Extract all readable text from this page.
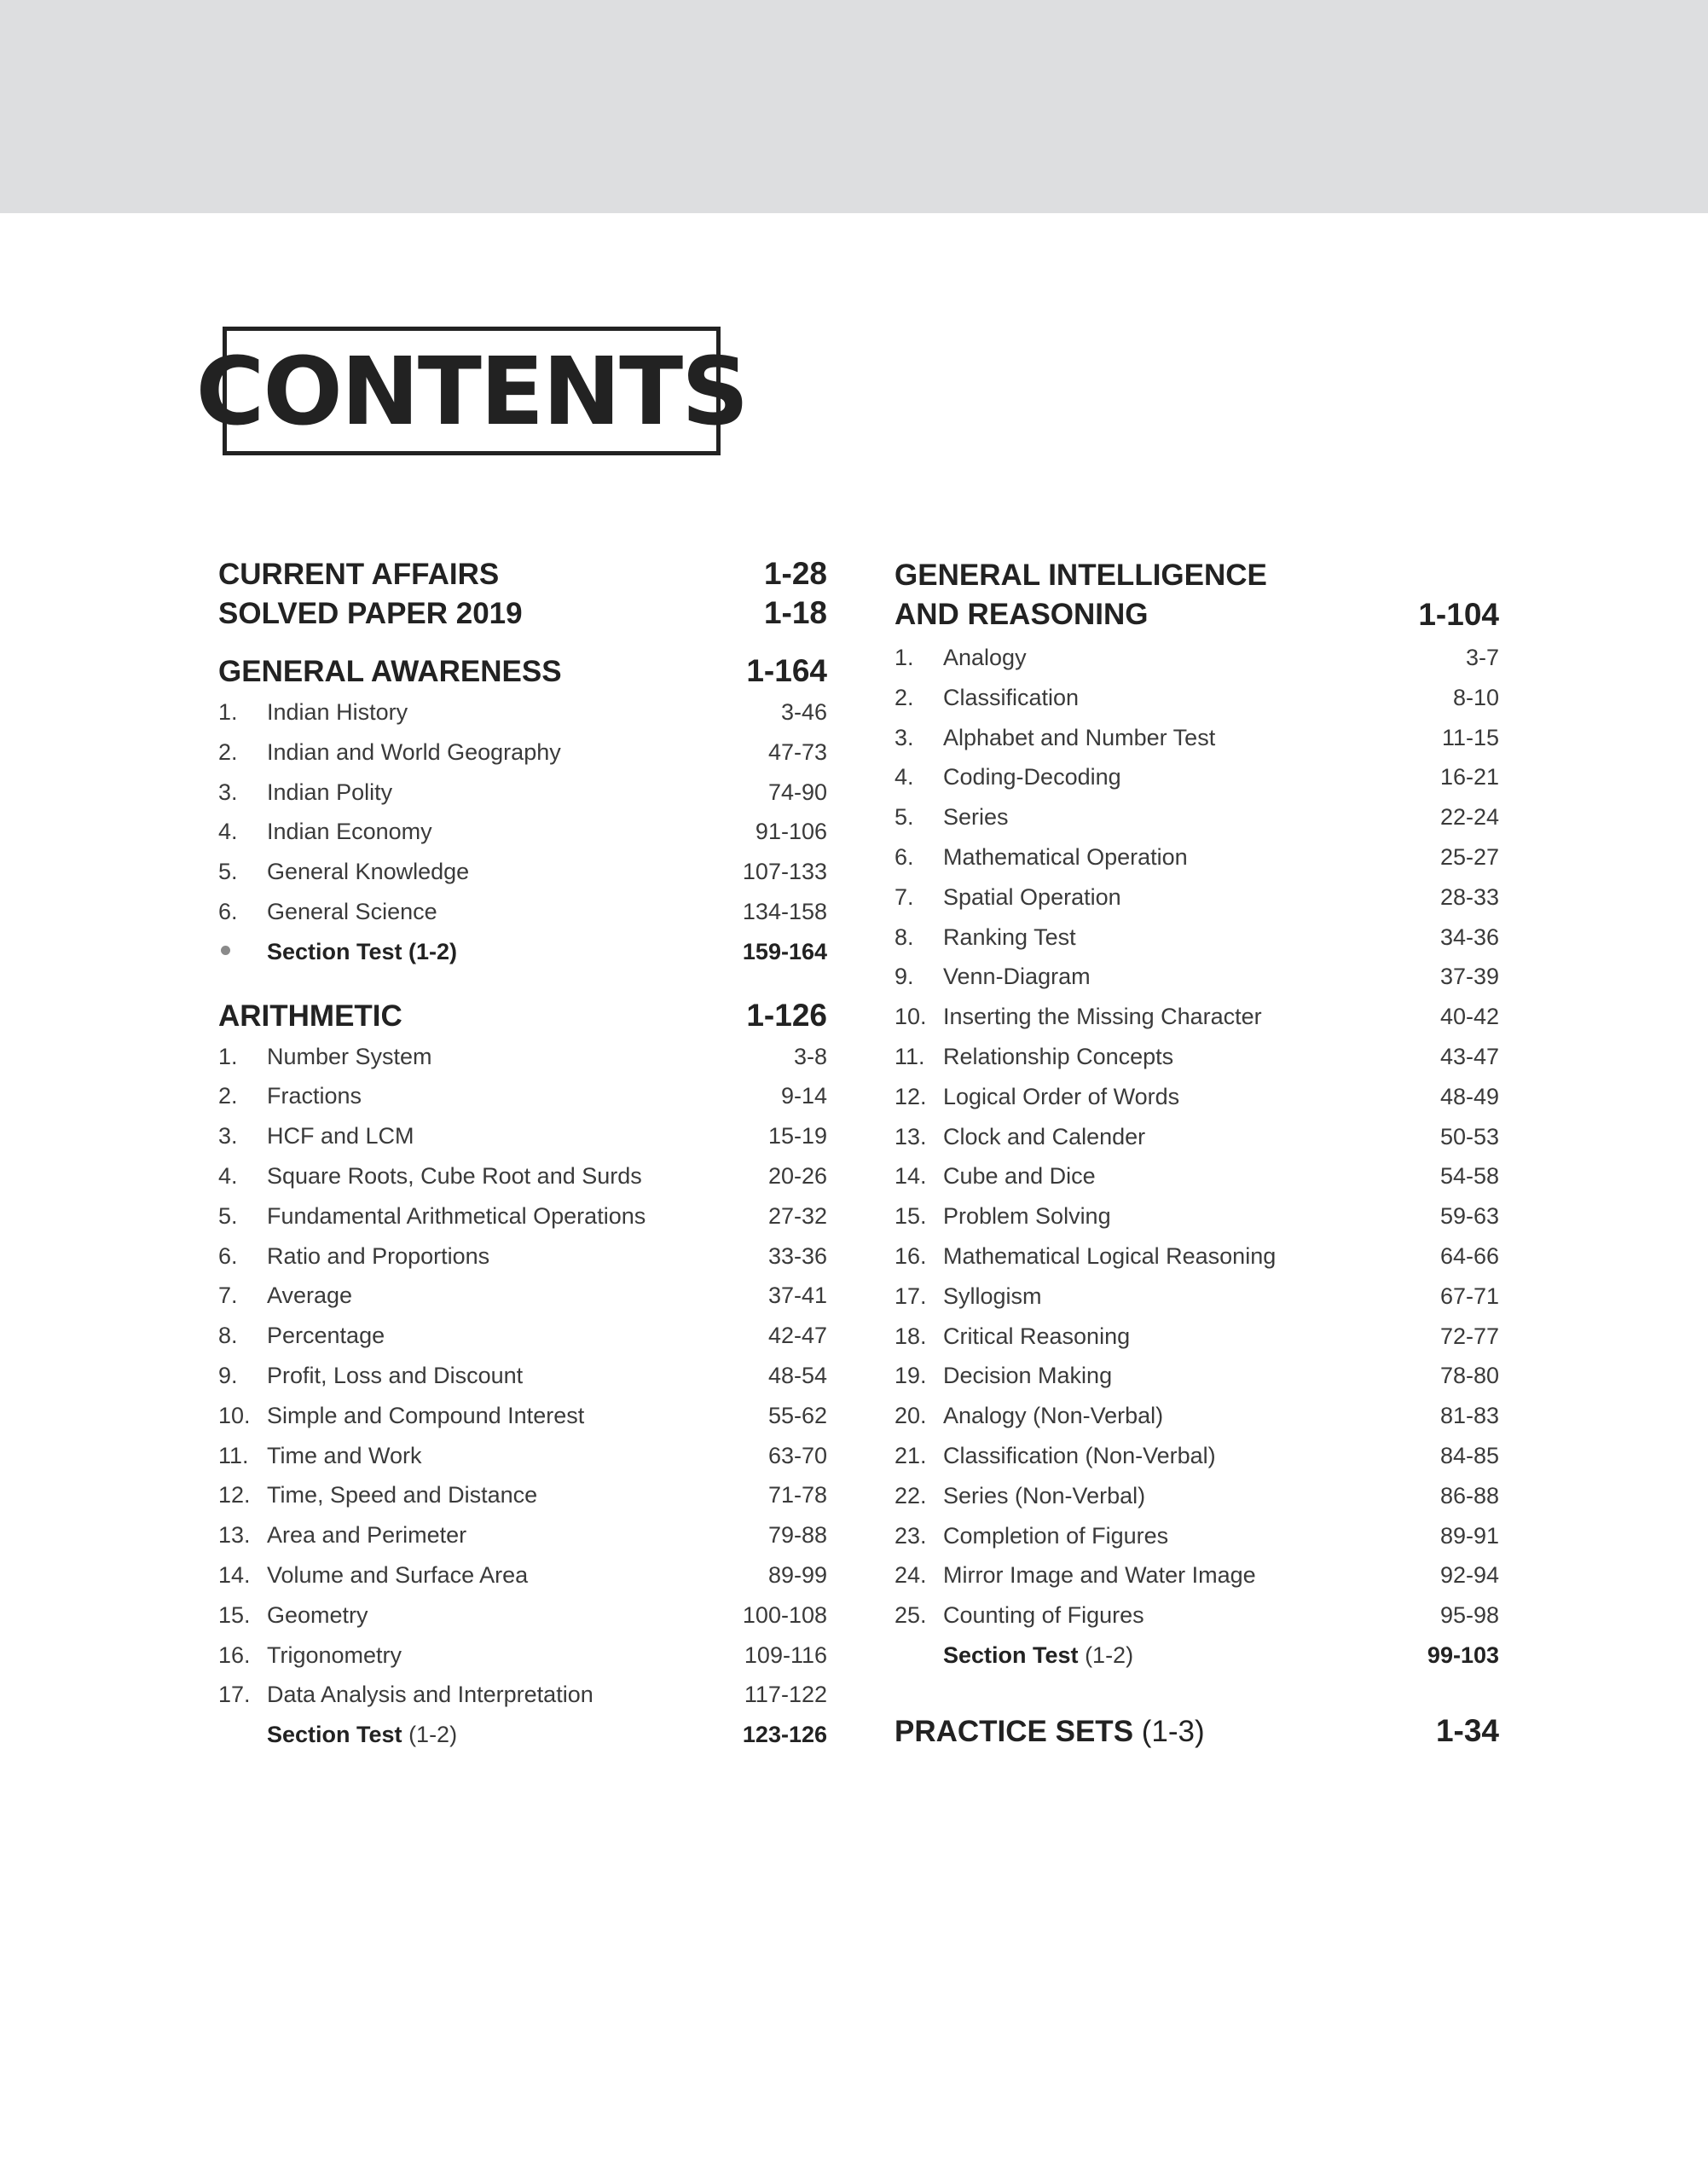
CONTENTS
CURRENT AFFAIRS	1-28
SOLVED PAPER 2019	1-18
GENERAL AWARENESS	1-164
1.	Indian History	3-46
2.	Indian and World Geography	47-73
3.	Indian Polity	74-90
4.	Indian Economy	91-106
5.	General Knowledge	107-133
6.	General Science	134-158
Section Test (1-2)	159-164
ARITHMETIC	1-126
1.	Number System	3-8
2.	Fractions	9-14
3.	HCF and LCM	15-19
4.	Square Roots, Cube Root and Surds	20-26
5.	Fundamental Arithmetical Operations	27-32
6.	Ratio and Proportions	33-36
7.	Average	37-41
8.	Percentage	42-47
9.	Profit, Loss and Discount	48-54
10. Simple and Compound Interest	55-62
11. Time and Work	63-70
12. Time, Speed and Distance	71-78
13. Area and Perimeter	79-88
14. Volume and Surface Area	89-99
15. Geometry	100-108
16. Trigonometry	109-116
17. Data Analysis and Interpretation	117-122
Section Test (1-2)	123-126
GENERAL INTELLIGENCE
AND REASONING	1-104
1.	Analogy	3-7
2.	Classification	8-10
3.	Alphabet and Number Test	11-15
4.	Coding-Decoding	16-21
5.	Series	22-24
6.	Mathematical Operation	25-27
7.	Spatial Operation	28-33
8.	Ranking Test	34-36
9.	Venn-Diagram	37-39
10. Inserting the Missing Character	40-42
11. Relationship Concepts	43-47
12. Logical Order of Words	48-49
13. Clock and Calender	50-53
14. Cube and Dice	54-58
15. Problem Solving	59-63
16. Mathematical Logical Reasoning	64-66
17. Syllogism	67-71
18. Critical Reasoning	72-77
19. Decision Making	78-80
20. Analogy (Non-Verbal)	81-83
21. Classification (Non-Verbal)	84-85
22. Series (Non-Verbal)	86-88
23. Completion of Figures	89-91
24. Mirror Image and Water Image	92-94
25. Counting of Figures	95-98
Section Test (1-2)	99-103
PRACTICE SETS (1-3)	1-34
